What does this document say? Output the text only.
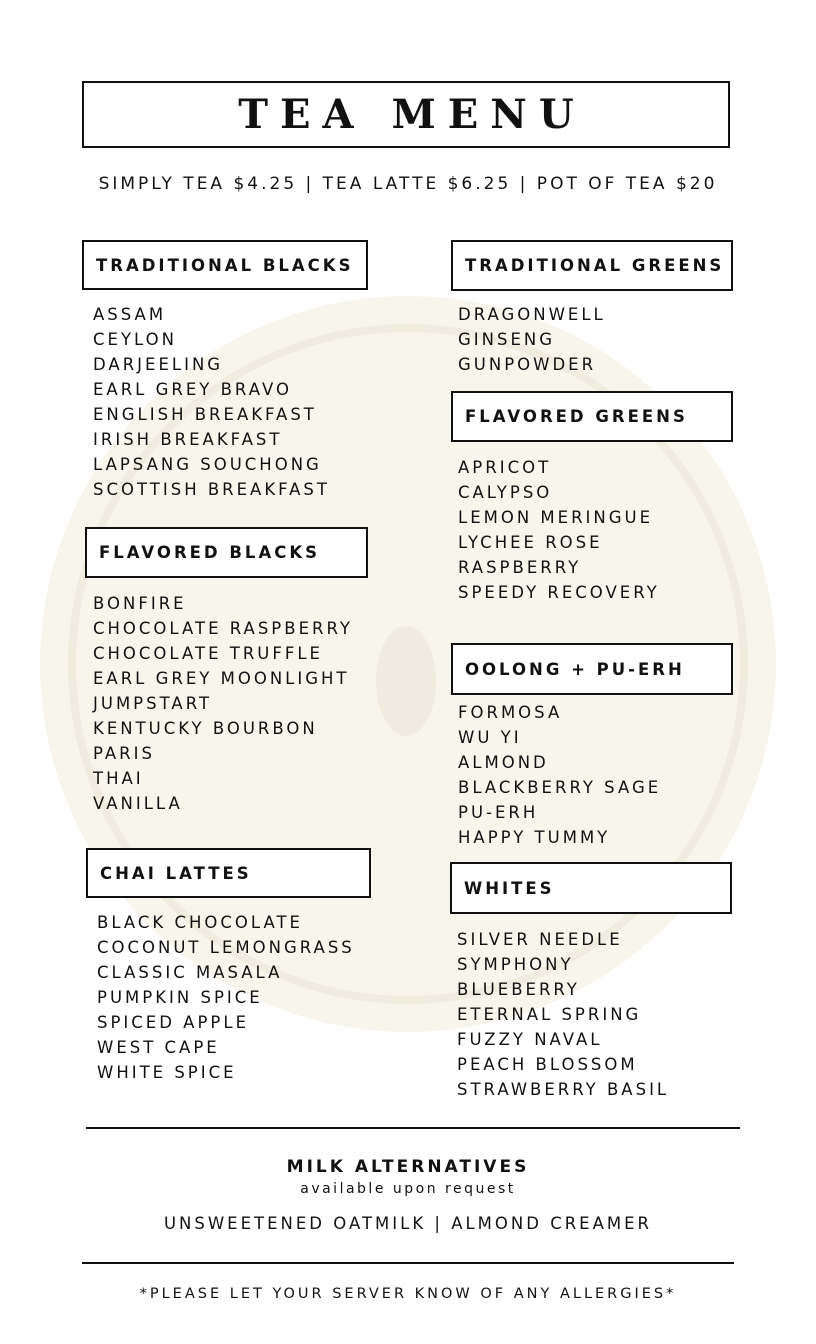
TEA MENU
SIMPLY TEA $4.25 | TEA LATTE $6.25 | POT OF TEA $20
TRADITIONAL BLACKS
ASSAM
CEYLON
DARJEELING
EARL GREY BRAVO
ENGLISH BREAKFAST
IRISH BREAKFAST
LAPSANG SOUCHONG
SCOTTISH BREAKFAST
FLAVORED BLACKS
BONFIRE
CHOCOLATE RASPBERRY
CHOCOLATE TRUFFLE
EARL GREY MOONLIGHT
JUMPSTART
KENTUCKY BOURBON
PARIS
THAI
VANILLA
CHAI LATTES
BLACK CHOCOLATE
COCONUT LEMONGRASS
CLASSIC MASALA
PUMPKIN SPICE
SPICED APPLE
WEST CAPE
WHITE SPICE
TRADITIONAL GREENS
DRAGONWELL
GINSENG
GUNPOWDER
FLAVORED GREENS
APRICOT
CALYPSO
LEMON MERINGUE
LYCHEE ROSE
RASPBERRY
SPEEDY RECOVERY
OOLONG + PU-ERH
FORMOSA
WU YI
ALMOND
BLACKBERRY SAGE
PU-ERH
HAPPY TUMMY
WHITES
SILVER NEEDLE
SYMPHONY
BLUEBERRY
ETERNAL SPRING
FUZZY NAVAL
PEACH BLOSSOM
STRAWBERRY BASIL
MILK ALTERNATIVES
available upon request
UNSWEETENED OATMILK | ALMOND CREAMER
*PLEASE LET YOUR SERVER KNOW OF ANY ALLERGIES*
